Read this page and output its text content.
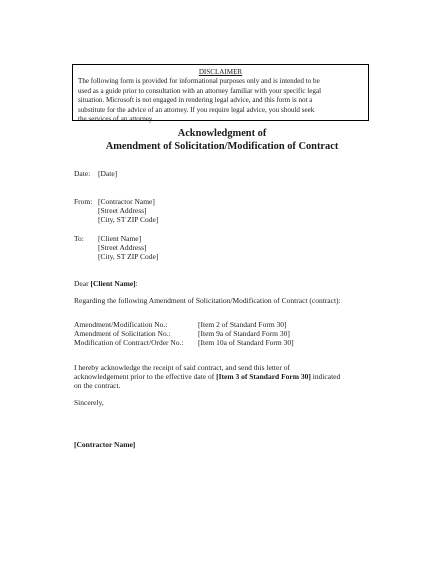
DISCLAIMER
The following form is provided for informational purposes only and is intended to be
used as a guide prior to consultation with an attorney familiar with your specific legal
situation. Microsoft is not engaged in rendering legal advice, and this form is not a
substitute for the advice of an attorney. If you require legal advice, you should seek
the services of an attorney.
Acknowledgment of
Amendment of Solicitation/Modification of Contract
Date: [Date]
From: [Contractor Name]
[Street Address]
[City, ST ZIP Code]
To: [Client Name]
[Street Address]
[City, ST ZIP Code]
Dear [Client Name]:
Regarding the following Amendment of Solicitation/Modification of Contract (contract):
Amendment/Modification No.:	[Item 2 of Standard Form 30]
Amendment of Solicitation No.:	[Item 9a of Standard Form 30]
Modification of Contract/Order No.: [Item 10a of Standard Form 30]
I hereby acknowledge the receipt of said contract, and send this letter of
acknowledgement prior to the effective date of [Item 3 of Standard Form 30] indicated
on the contract.
Sincerely,
[Contractor Name]
